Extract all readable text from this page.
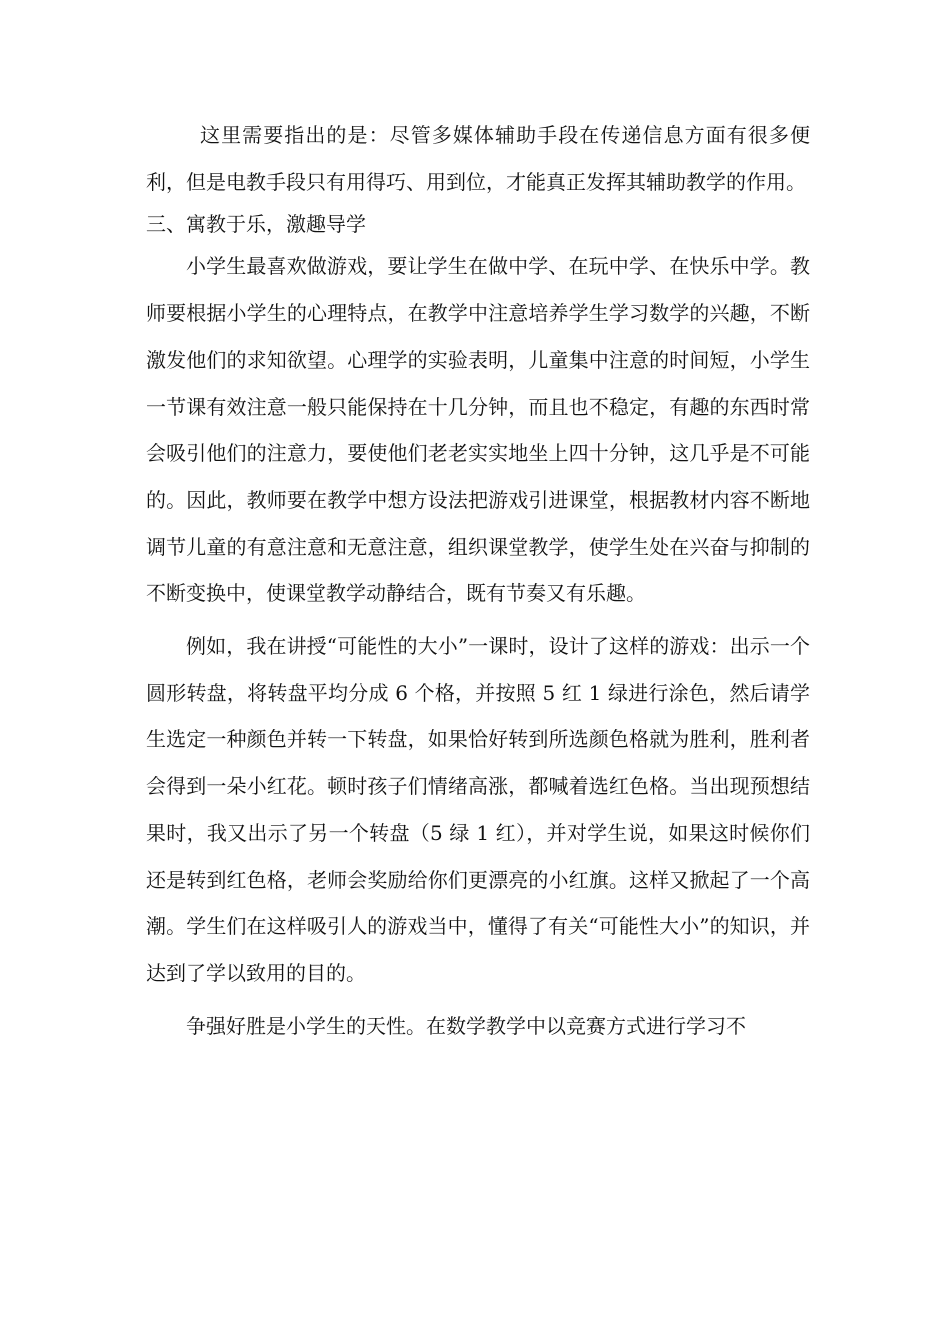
这里需要指出的是：尽管多媒体辅助手段在传递信息方面有很多便利，但是电教手段只有用得巧、用到位，才能真正发挥其辅助教学的作用。

三、寓教于乐，激趣导学

小学生最喜欢做游戏，要让学生在做中学、在玩中学、在快乐中学。教师要根据小学生的心理特点，在教学中注意培养学生学习数学的兴趣，不断激发他们的求知欲望。心理学的实验表明，儿童集中注意的时间短，小学生一节课有效注意一般只能保持在十几分钟，而且也不稳定，有趣的东西时常会吸引他们的注意力，要使他们老老实实地坐上四十分钟，这几乎是不可能的。因此，教师要在教学中想方设法把游戏引进课堂，根据教材内容不断地调节儿童的有意注意和无意注意，组织课堂教学，使学生处在兴奋与抑制的不断变换中，使课堂教学动静结合，既有节奏又有乐趣。

例如，我在讲授“可能性的大小”一课时，设计了这样的游戏：出示一个圆形转盘，将转盘平均分成 6 个格，并按照 5 红 1 绿进行涂色，然后请学生选定一种颜色并转一下转盘，如果恰好转到所选颜色格就为胜利，胜利者会得到一朵小红花。顿时孩子们情绪高涨，都喊着选红色格。当出现预想结果时，我又出示了另一个转盘（5 绿 1 红），并对学生说，如果这时候你们还是转到红色格，老师会奖励给你们更漂亮的小红旗。这样又掀起了一个高潮。学生们在这样吸引人的游戏当中，懂得了有关“可能性大小”的知识，并达到了学以致用的目的。

争强好胜是小学生的天性。在数学教学中以竞赛方式进行学习不
